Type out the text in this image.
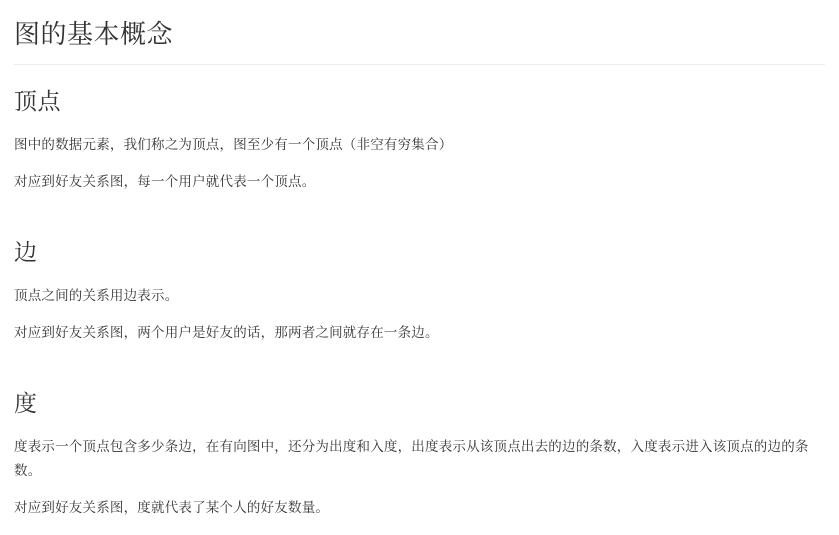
图的基本概念
顶点

图中的数据元素，我们称之为顶点，图至少有一个顶点（非空有穷集合）

对应到好友关系图，每一个用户就代表一个顶点。

边

顶点之间的关系用边表示。

对应到好友关系图，两个用户是好友的话，那两者之间就存在一条边。

度

度表示一个顶点包含多少条边，在有向图中，还分为出度和入度，出度表示从该顶点出去的边的条数，入度表示进入该顶点的边的条数。

对应到好友关系图，度就代表了某个人的好友数量。
